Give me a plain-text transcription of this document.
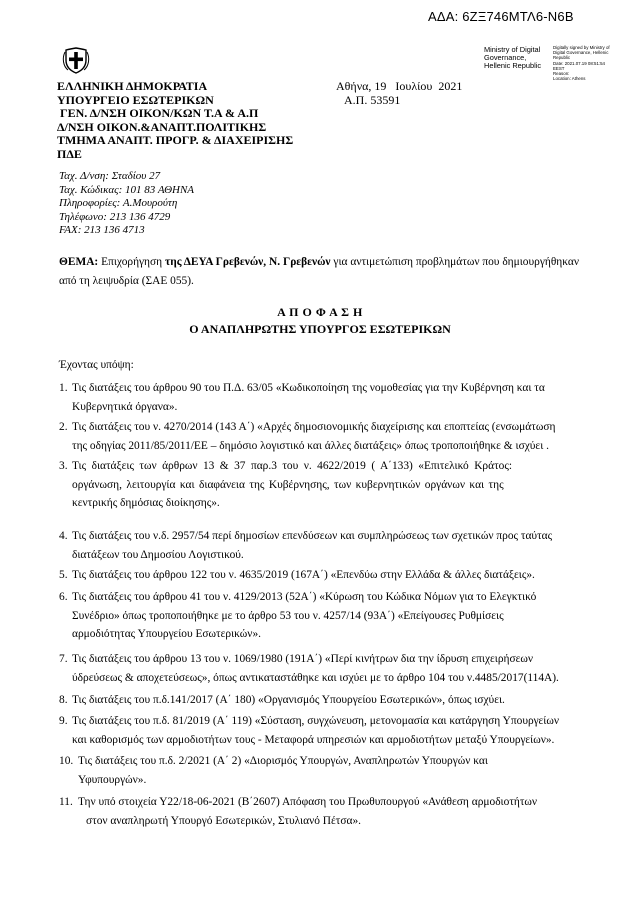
ΑΔΑ: 6ΖΞ746ΜΤΛ6-Ν6Β
ΕΛΛΗΝΙΚΗ ΔΗΜΟΚΡΑΤΙΑ
ΥΠΟΥΡΓΕΙΟ ΕΣΩΤΕΡΙΚΩΝ
ΓΕΝ. Δ/ΝΣΗ ΟΙΚΟΝ/ΚΩΝ Τ.Α & Α.Π
Δ/ΝΣΗ ΟΙΚΟΝ.&ΑΝΑΠΤ.ΠΟΛΙΤΙΚΗΣ
ΤΜΗΜΑ ΑΝΑΠΤ. ΠΡΟΓΡ. & ΔΙΑΧΕΙΡΙΣΗΣ
ΠΔΕ
Αθήνα, 19   Ιουλίου  2021
Α.Π. 53591
Ministry of Digital
Governance,
Hellenic Republic
Digitally signed by Ministry of
Digital Governance, Hellenic
Republic
Date: 2021.07.19 08:51:54
EEST
Reason:
Location: Athens
Ταχ. Δ/νση: Σταδίου 27
Ταχ. Κώδικας: 101 83 ΑΘΗΝΑ
Πληροφορίες: Α.Μουρούτη
Τηλέφωνο: 213 136 4729
FAX: 213 136 4713
ΘΕΜΑ: Επιχορήγηση της ΔΕΥΑ Γρεβενών, Ν. Γρεβενών για αντιμετώπιση προβλημάτων που δημιουργήθηκαν από τη λειψυδρία (ΣΑΕ 055).
Α Π Ο Φ Α Σ Η
Ο ΑΝΑΠΛΗΡΩΤΗΣ ΥΠΟΥΡΓΟΣ ΕΣΩΤΕΡΙΚΩΝ
Έχοντας υπόψη:
1. Τις διατάξεις του άρθρου 90 του Π.Δ. 63/05 «Κωδικοποίηση της νομοθεσίας για την Κυβέρνηση και τα
Κυβερνητικά όργανα».
2. Τις διατάξεις του ν. 4270/2014 (143 Α΄) «Αρχές δημοσιονομικής διαχείρισης και εποπτείας (ενσωμάτωση
της οδηγίας 2011/85/2011/ΕΕ – δημόσιο λογιστικό και άλλες διατάξεις» όπως τροποποιήθηκε & ισχύει .
3. Τις διατάξεις των άρθρων 13 & 37 παρ.3 του ν. 4622/2019 ( Α΄133) «Επιτελικό Κράτος:
οργάνωση, λειτουργία και διαφάνεια της Κυβέρνησης, των κυβερνητικών οργάνων και της
κεντρικής δημόσιας διοίκησης».
4. Τις διατάξεις του ν.δ. 2957/54 περί δημοσίων επενδύσεων και συμπληρώσεως των σχετικών προς ταύτας
διατάξεων του Δημοσίου Λογιστικού.
5. Τις διατάξεις του άρθρου 122 του ν. 4635/2019 (167Α΄) «Επενδύω στην Ελλάδα & άλλες διατάξεις».
6. Τις διατάξεις του άρθρου 41 του ν. 4129/2013 (52Α΄) «Κύρωση του Κώδικα Νόμων για το Ελεγκτικό
Συνέδριο» όπως τροποποιήθηκε με το άρθρο 53 του ν. 4257/14 (93Α΄) «Επείγουσες Ρυθμίσεις
αρμοδιότητας Υπουργείου Εσωτερικών».
7. Τις διατάξεις του άρθρου 13 του ν. 1069/1980 (191Α΄) «Περί κινήτρων δια την ίδρυση επιχειρήσεων
ύδρεύσεως & αποχετεύσεως», όπως αντικαταστάθηκε και ισχύει με το άρθρο 104 του ν.4485/2017(114Α).
8. Τις διατάξεις του π.δ.141/2017 (Α΄ 180) «Οργανισμός Υπουργείου Εσωτερικών», όπως ισχύει.
9. Τις διατάξεις του π.δ. 81/2019 (Α΄ 119) «Σύσταση, συγχώνευση, μετονομασία και κατάργηση Υπουργείων
και καθορισμός των αρμοδιοτήτων τους - Μεταφορά υπηρεσιών και αρμοδιοτήτων μεταξύ Υπουργείων».
10. Τις διατάξεις του π.δ. 2/2021 (Α΄ 2) «Διορισμός Υπουργών, Αναπληρωτών Υπουργών και
Υφυπουργών».
11. Την υπό στοιχεία Υ22/18-06-2021 (Β΄2607) Απόφαση του Πρωθυπουργού «Ανάθεση αρμοδιοτήτων
στον αναπληρωτή Υπουργό Εσωτερικών, Στυλιανό Πέτσα».
